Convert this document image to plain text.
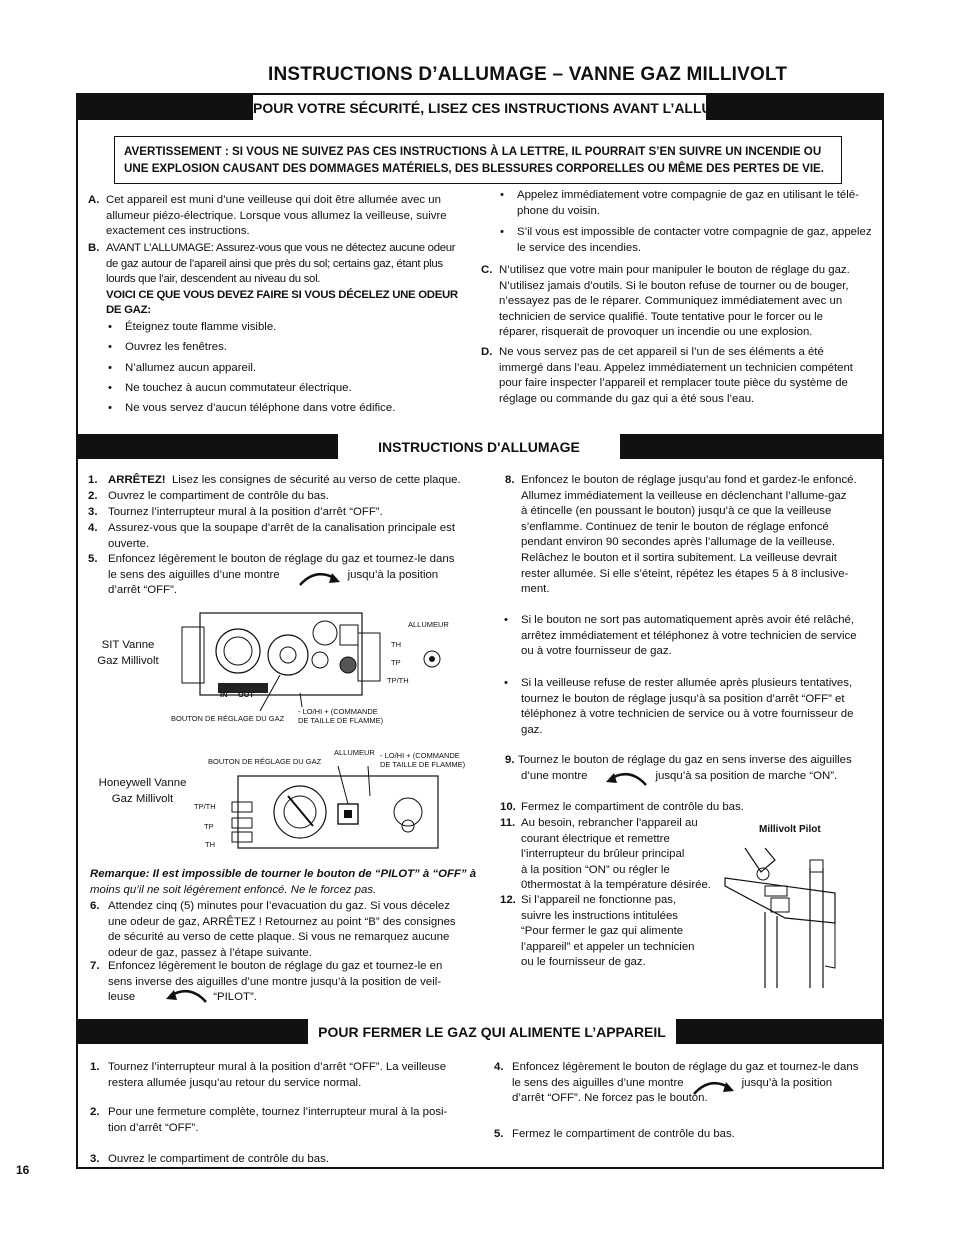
INSTRUCTIONS D’ALLUMAGE – VANNE GAZ MILLIVOLT
POUR VOTRE SÉCURITÉ, LISEZ CES INSTRUCTIONS AVANT L’ALLUMAGE
AVERTISSEMENT : SI VOUS NE SUIVEZ PAS CES INSTRUCTIONS À LA LETTRE, IL POURRAIT S’EN SUIVRE UN INCENDIE OU
UNE EXPLOSION CAUSANT DES DOMMAGES MATÉRIELS, DES BLESSURES CORPORELLES OU MÊME DES PERTES DE VIE.
A. Cet appareil est muni d’une veilleuse qui doit être allumée avec un
allumeur piézo-électrique. Lorsque vous allumez la veilleuse, suivre
exactement ces instructions.
B. AVANT L’ALLUMAGE: Assurez-vous que vous ne détectez aucune odeur
de gaz autour de l’apareil ainsi que près du sol; certains gaz, étant plus
lourds que l’air, descendent au niveau du sol.
VOICI CE QUE VOUS DEVEZ FAIRE SI VOUS DÉCELEZ UNE ODEUR
DE GAZ:
• Éteignez toute flamme visible.
• Ouvrez les fenêtres.
• N’allumez aucun appareil.
• Ne touchez à aucun commutateur électrique.
• Ne vous servez d’aucun téléphone dans votre édifice.
• Appelez immédiatement votre compagnie de gaz en utilisant le télé-
phone du voisin.
• S’il vous est impossible de contacter votre compagnie de gaz, appelez
le service des incendies.
C. N’utilisez que votre main pour manipuler le bouton de réglage du gaz.
N’utilisez jamais d’outils. Si le bouton refuse de tourner ou de bouger,
n’essayez pas de le réparer. Communiquez immédiatement avec un
technicien de service qualifié. Toute tentative pour le forcer ou le
réparer, risquerait de provoquer un incendie ou une explosion.
D. Ne vous servez pas de cet appareil si l’un de ses éléments a été
immergé dans l’eau. Appelez immédiatement un technicien compétent
pour faire inspecter l’appareil et remplacer toute pièce du système de
réglage ou commande du gaz qui a été sous l’eau.
INSTRUCTIONS D'ALLUMAGE
1. ARRÊTEZ! Lisez les consignes de sécurité au verso de cette plaque.
2. Ouvrez le compartiment de contrôle du bas.
3. Tournez l’interrupteur mural à la position d’arrêt “OFF”.
4. Assurez-vous que la soupape d’arrêt de la canalisation principale est
ouverte.
5. Enfoncez légèrement le bouton de réglage du gaz et tournez-le dans
le sens des aiguilles d’une montre	jusqu’à la position
d’arrêt “OFF”.
SIT Vanne
Gaz Millivolt
IN OUT
ALLUMEUR
TH
TP
TP/TH
BOUTON DE RÉGLAGE DU GAZ
- LO/HI + (COMMANDE
DE TAILLE DE FLAMME)
Honeywell Vanne
Gaz Millivolt
BOUTON DE RÉGLAGE DU GAZ
ALLUMEUR - LO/HI + (COMMANDE
DE TAILLE DE FLAMME)
TP/TH
TP
TH
Remarque: Il est impossible de tourner le bouton de “PILOT” à “OFF” à
moins qu’il ne soit légèrement enfoncé. Ne le forcez pas.
6. Attendez cinq (5) minutes pour l’evacuation du gaz. Si vous décelez
une odeur de gaz, ARRÊTEZ ! Retournez au point “B” des consignes
de sécurité au verso de cette plaque. Si vous ne remarquez aucune
odeur de gaz, passez à l’étape suivante.
7. Enfoncez légèrement le bouton de réglage du gaz et tournez-le en
sens inverse des aiguilles d’une montre jusqu’à la position de veil-
leuse	“PILOT”.
8. Enfoncez le bouton de réglage jusqu’au fond et gardez-le enfoncé.
Allumez immédiatement la veilleuse en déclenchant l’allume-gaz
à étincelle (en poussant le bouton) jusqu’à ce que la veilleuse
s’enflamme. Continuez de tenir le bouton de réglage enfoncé
pendant environ 90 secondes après l’allumage de la veilleuse.
Relâchez le bouton et il sortira subitement. La veilleuse devrait
rester allumée. Si elle s’éteint, répétez les étapes 5 à 8 inclusive-
ment.
• Si le bouton ne sort pas automatiquement après avoir été relâché,
arrêtez immédiatement et téléphonez à votre technicien de service
ou à votre fournisseur de gaz.
• Si la veilleuse refuse de rester allumée après plusieurs tentatives,
tournez le bouton de réglage jusqu’à sa position d’arrêt “OFF” et
téléphonez à votre technicien de service ou à votre fournisseur de
gaz.
9. Tournez le bouton de réglage du gaz en sens inverse des aiguilles
d’une montre	jusqu’à sa position de marche “ON”.
10. Fermez le compartiment de contrôle du bas.
11. Au besoin, rebrancher l’appareil au
courant électrique et remettre
l’interrupteur du brûleur principal
à la position “ON” ou régler le
0thermostat à la température désirée.
12. Si l’appareil ne fonctionne pas,
suivre les instructions intitulées
“Pour fermer le gaz qui alimente
l’appareil” et appeler un technicien
ou le fournisseur de gaz.
Millivolt Pilot
POUR FERMER LE GAZ QUI ALIMENTE L’APPAREIL
1. Tournez l’interrupteur mural à la position d’arrêt “OFF”. La veilleuse
restera allumée jusqu’au retour du service normal.
2. Pour une fermeture complète, tournez l’interrupteur mural à la posi-
tion d’arrêt “OFF”.
3. Ouvrez le compartiment de contrôle du bas.
4. Enfoncez légèrement le bouton de réglage du gaz et tournez-le dans
le sens des aiguilles d’une montre	jusqu’à la position
d’arrêt “OFF”. Ne forcez pas le bouton.
5. Fermez le compartiment de contrôle du bas.
16
